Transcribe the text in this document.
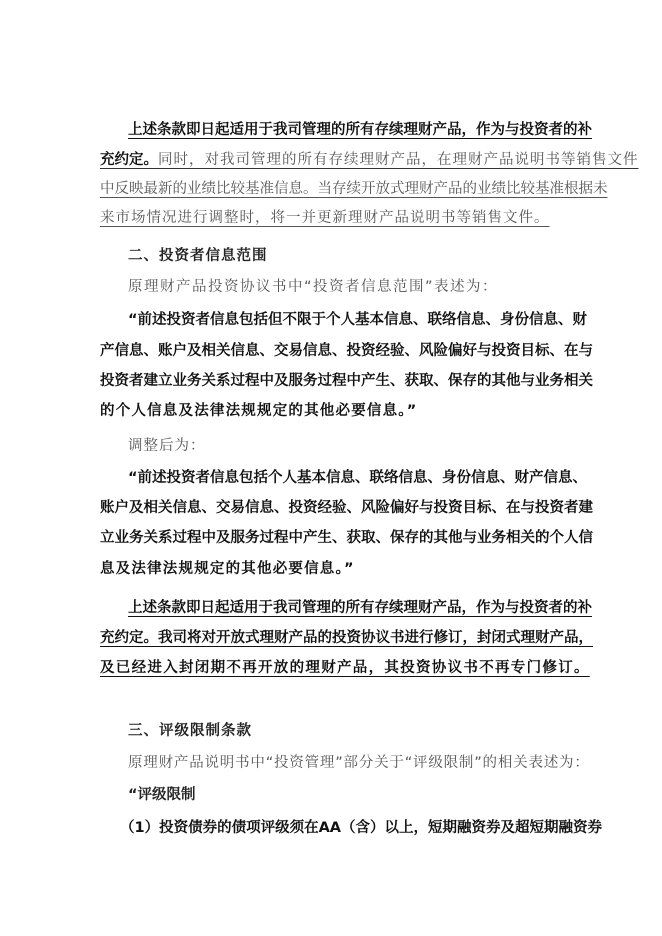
上述条款即日起适用于我司管理的所有存续理财产品，作为与投资者的补
充约定。同时，对我司管理的所有存续理财产品，在理财产品说明书等销售文件
中反映最新的业绩比较基准信息。当存续开放式理财产品的业绩比较基准根据未
来市场情况进行调整时，将一并更新理财产品说明书等销售文件。
二、投资者信息范围
原理财产品投资协议书中“投资者信息范围”表述为：
“前述投资者信息包括但不限于个人基本信息、联络信息、身份信息、财
产信息、账户及相关信息、交易信息、投资经验、风险偏好与投资目标、在与
投资者建立业务关系过程中及服务过程中产生、获取、保存的其他与业务相关
的个人信息及法律法规规定的其他必要信息。”
调整后为：
“前述投资者信息包括个人基本信息、联络信息、身份信息、财产信息、
账户及相关信息、交易信息、投资经验、风险偏好与投资目标、在与投资者建
立业务关系过程中及服务过程中产生、获取、保存的其他与业务相关的个人信
息及法律法规规定的其他必要信息。”
上述条款即日起适用于我司管理的所有存续理财产品，作为与投资者的补
充约定。我司将对开放式理财产品的投资协议书进行修订，封闭式理财产品，
及已经进入封闭期不再开放的理财产品，其投资协议书不再专门修订。
三、评级限制条款
原理财产品说明书中“投资管理”部分关于“评级限制”的相关表述为：
“评级限制
（1）投资债券的债项评级须在AA（含）以上，短期融资券及超短期融资券
